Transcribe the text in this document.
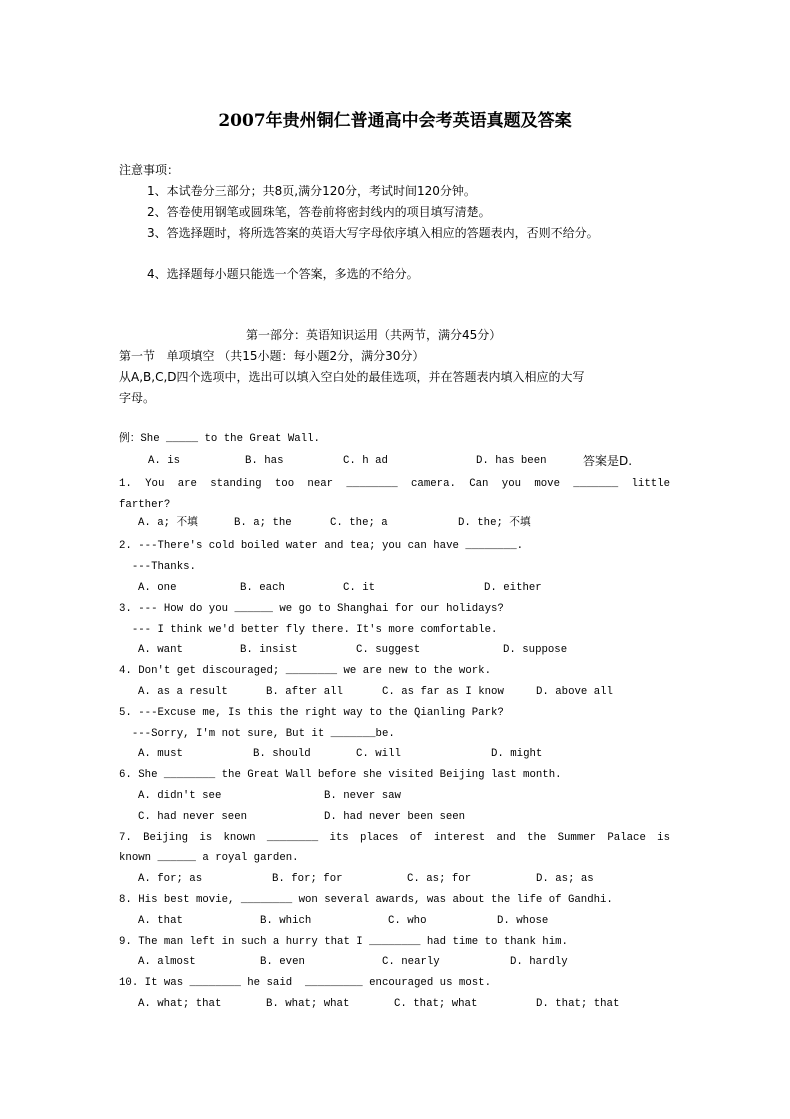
2007年贵州铜仁普通高中会考英语真题及答案
注意事项：
1、本试卷分三部分；共8页,满分120分，考试时间120分钟。
2、答卷使用钢笔或圆珠笔，答卷前将密封线内的项目填写清楚。
3、答选择题时，将所选答案的英语大写字母依序填入相应的答题表内，否则不给分。
4、选择题每小题只能选一个答案，多选的不给分。
第一部分：英语知识运用（共两节，满分45分）
第一节   单项填空 （共15小题：每小题2分，满分30分）
从A,B,C,D四个选项中，选出可以填入空白处的最佳选项，并在答题表内填入相应的大写
字母。
例：She _____ to the Great Wall.
A. is	B. has	C. h ad	D. has been	答案是D.
1. You are standing too near ________ camera. Can you move _______ little
farther?
A. a; 不填	B. a; the	C. the; a	D. the; 不填
2. ---There's cold boiled water and tea; you can have ________.
---Thanks.
A. one	B. each	C. it	D. either
3. --- How do you ______ we go to Shanghai for our holidays?
--- I think we'd better fly there. It's more comfortable.
A. want	B. insist	C. suggest	D. suppose
4. Don't get discouraged; ________ we are new to the work.
A. as a result	B. after all	C. as far as I know	D. above all
5. ---Excuse me, Is this the right way to the Qianling Park?
---Sorry, I'm not sure, But it _______be.
A. must	B. should	C. will	D. might
6. She ________ the Great Wall before she visited Beijing last month.
A. didn't see	B. never saw
C. had never seen	D. had never been seen
7. Beijing is known ________ its places of interest and the Summer Palace is
known ______ a royal garden.
A. for; as	B. for; for	C. as; for	D. as; as
8. His best movie, ________ won several awards, was about the life of Gandhi.
A. that	B. which	C. who	D. whose
9. The man left in such a hurry that I ________ had time to thank him.
A. almost	B. even	C. nearly	D. hardly
10. It was ________ he said  _________ encouraged us most.
A. what; that	B. what; what	C. that; what	D. that; that
